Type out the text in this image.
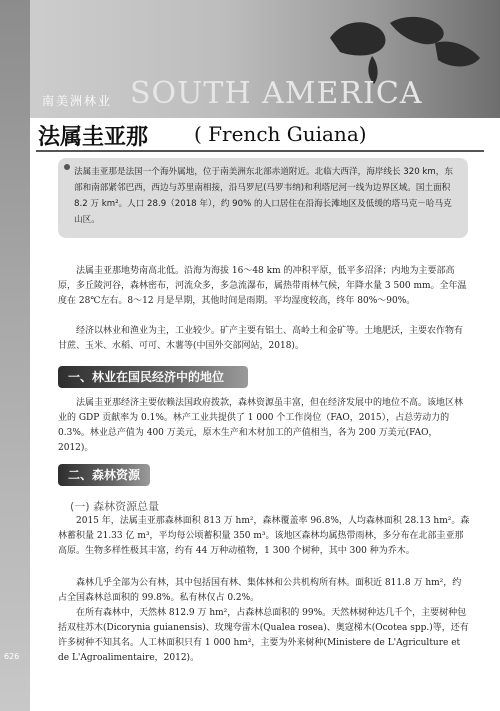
南美洲林业 SOUTH AMERICA
法属圭亚那 ( French Guiana)
法属圭亚那是法国一个海外属地，位于南美洲东北部赤道附近。北临大西洋，海岸线长 320 km，东部和南部紧邻巴西，西边与苏里南相接，沿马罗尼(马罗韦纳)和利塔尼河一线为边界区域。国土面积 8.2 万 km²。人口 28.9（2018 年），约 90% 的人口居住在沿海长滩地区及低缓的塔马克－哈马克山区。
法属圭亚那地势南高北低。沿海为海拔 16～48 km 的冲积平原，低平多沼泽；内地为主要部高原，多丘陵河谷，森林密布，河流众多，多急流瀑布，属热带雨林气候，年降水量 3 500 mm。全年温度在 28℃左右。8～12 月是旱期，其他时间是雨期。平均湿度较高，终年 80%～90%。
经济以林业和渔业为主，工业较少。矿产主要有铝土、高岭土和金矿等。土地肥沃，主要农作物有甘蔗、玉米、水稻、可可、木薯等(中国外交部网站，2018)。
一、林业在国民经济中的地位
法属圭亚那经济主要依赖法国政府拨款，森林资源虽丰富，但在经济发展中的地位不高。该地区林业的 GDP 贡献率为 0.1%。林产工业共提供了 1 000 个工作岗位（FAO，2015），占总劳动力的 0.3%。林业总产值为 400 万美元，原木生产和木材加工的产值相当，各为 200 万美元(FAO，2012)。
二、森林资源
(一) 森林资源总量
2015 年，法属圭亚那森林面积 813 万 hm²，森林覆盖率 96.8%，人均森林面积 28.13 hm²。森林蓄积量 21.33 亿 m³，平均每公顷蓄积量 350 m³。该地区森林均属热带雨林，多分布在北部圭亚那高原。生物多样性极其丰富，约有 44 万种动植物，1 300 个树种，其中 300 种为乔木。
森林几乎全部为公有林，其中包括国有林、集体林和公共机构所有林。面积近 811.8 万 hm²，约占全国森林总面积的 99.8%。私有林仅占 0.2%。
在所有森林中，天然林 812.9 万 hm²，占森林总面积的 99%。天然林树种达几千个，主要树种包括双柱苏木(Dicorynia guianensis)、玫瑰夸雷木(Qualea rosea)、奥寇梯木(Ocotea spp.)等，还有许多树种不知其名。人工林面积只有 1 000 hm²，主要为外来树种(Ministere de L'Agriculture et de L'Agroalimentaire，2012)。
626
